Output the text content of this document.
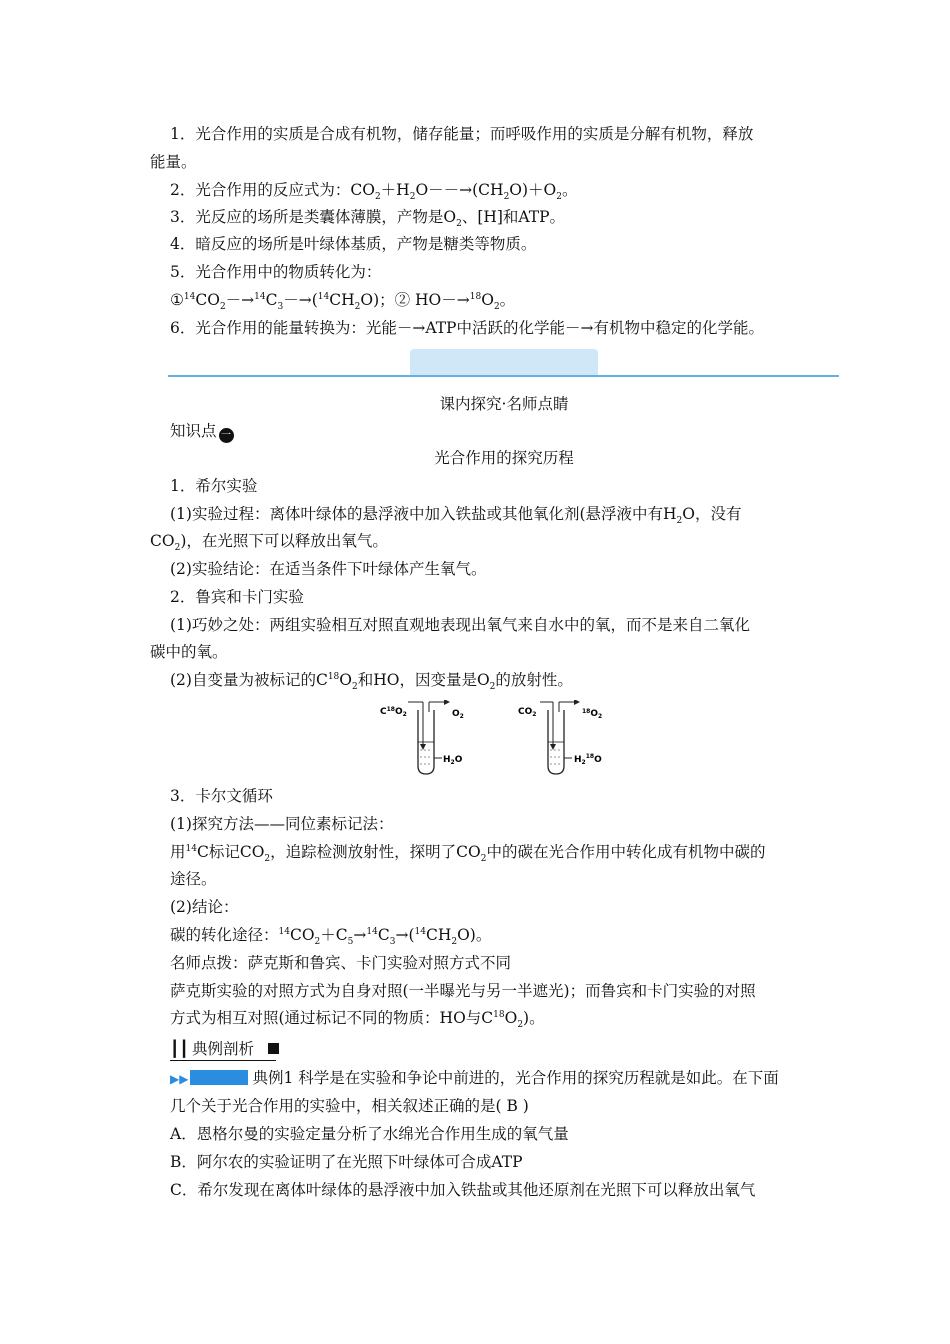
1．光合作用的实质是合成有机物，储存能量；而呼吸作用的实质是分解有机物，释放
能量。
2．光合作用的反应式为：$CO_2+H_2O--\to(CH_2O)+O_2$。
3．光反应的场所是类囊体薄膜，产物是$O_2$、[H]和ATP。
4．暗反应的场所是叶绿体基质，产物是糖类等物质。
5．光合作用中的物质转化为：
$①^{14}CO_2-\to^{14}C_3-\to(^{14}CH_2O)$；② $HO-\to^{18}O_2$。
6．光合作用的能量转换为：光能－→ATP中活跃的化学能－→有机物中稳定的化学能。
课内探究·名师点睛
知识点 一
光合作用的探究历程
1．希尔实验
(1)实验过程：离体叶绿体的悬浮液中加入铁盐或其他氧化剂(悬浮液中有$H_2O$，没有
$CO_2$)，在光照下可以释放出氧气。
(2)实验结论：在适当条件下叶绿体产生氧气。
2．鲁宾和卡门实验
(1)巧妙之处：两组实验相互对照直观地表现出氧气来自水中的氧，而不是来自二氧化
碳中的氧。
(2)自变量为被标记的$C^{18}O_2$和HO，因变量是$O_2$的放射性。
$C^{18}O_2$	$O_2$
$H_2O$
$CO_2$	$^{18}O_2$
$H_2^{18}O$
3．卡尔文循环
(1)探究方法——同位素标记法：
用$^{14}$C标记$CO_2$，追踪检测放射性，探明了$CO_2$中的碳在光合作用中转化成有机物中碳的
途径。
(2)结论：
碳的转化途径：$^{14}CO_2+C_5\to^{14}C_3\to(^{14}CH_2O)$。
名师点拨：萨克斯和鲁宾、卡门实验对照方式不同
萨克斯实验的对照方式为自身对照(一半曝光与另一半遮光)；而鲁宾和卡门实验的对照
方式为相互对照(通过标记不同的物质：HO与$C^{18}O_2$)。
┃┃ 典例剖析
▶▶	典例1 科学是在实验和争论中前进的，光合作用的探究历程就是如此。在下面
几个关于光合作用的实验中，相关叙述正确的是( B )
A．恩格尔曼的实验定量分析了水绵光合作用生成的氧气量
B．阿尔农的实验证明了在光照下叶绿体可合成ATP
C．希尔发现在离体叶绿体的悬浮液中加入铁盐或其他还原剂在光照下可以释放出氧气
